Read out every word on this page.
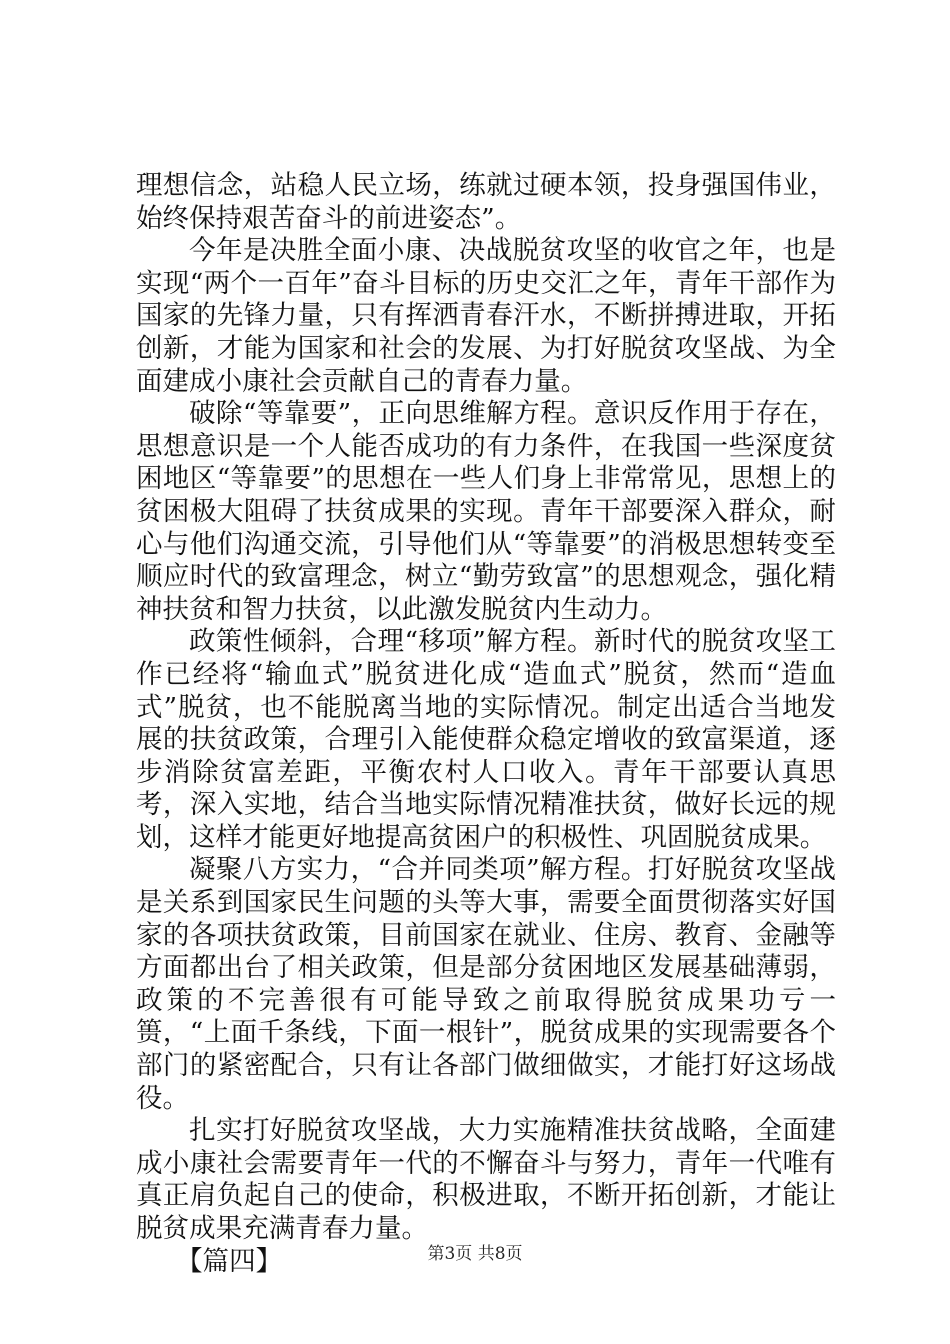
理想信念，站稳人民立场，练就过硬本领，投身强国伟业，始终保持艰苦奋斗的前进姿态”。

今年是决胜全面小康、决战脱贫攻坚的收官之年，也是实现“两个一百年”奋斗目标的历史交汇之年，青年干部作为国家的先锋力量，只有挥洒青春汗水，不断拼搏进取，开拓创新，才能为国家和社会的发展、为打好脱贫攻坚战、为全面建成小康社会贡献自己的青春力量。

破除“等靠要”，正向思维解方程。意识反作用于存在，思想意识是一个人能否成功的有力条件，在我国一些深度贫困地区“等靠要”的思想在一些人们身上非常常见，思想上的贫困极大阻碍了扶贫成果的实现。青年干部要深入群众，耐心与他们沟通交流，引导他们从“等靠要”的消极思想转变至顺应时代的致富理念，树立“勤劳致富”的思想观念，强化精神扶贫和智力扶贫，以此激发脱贫内生动力。

政策性倾斜，合理“移项”解方程。新时代的脱贫攻坚工作已经将“输血式”脱贫进化成“造血式”脱贫，然而“造血式”脱贫，也不能脱离当地的实际情况。制定出适合当地发展的扶贫政策，合理引入能使群众稳定增收的致富渠道，逐步消除贫富差距，平衡农村人口收入。青年干部要认真思考，深入实地，结合当地实际情况精准扶贫，做好长远的规划，这样才能更好地提高贫困户的积极性、巩固脱贫成果。

凝聚八方实力，“合并同类项”解方程。打好脱贫攻坚战是关系到国家民生问题的头等大事，需要全面贯彻落实好国家的各项扶贫政策，目前国家在就业、住房、教育、金融等方面都出台了相关政策，但是部分贫困地区发展基础薄弱，政策的不完善很有可能导致之前取得脱贫成果功亏一篑，“上面千条线，下面一根针”，脱贫成果的实现需要各个部门的紧密配合，只有让各部门做细做实，才能打好这场战役。

扎实打好脱贫攻坚战，大力实施精准扶贫战略，全面建成小康社会需要青年一代的不懈奋斗与努力，青年一代唯有真正肩负起自己的使命，积极进取，不断开拓创新，才能让脱贫成果充满青春力量。

【篇四】	第3页 共8页
